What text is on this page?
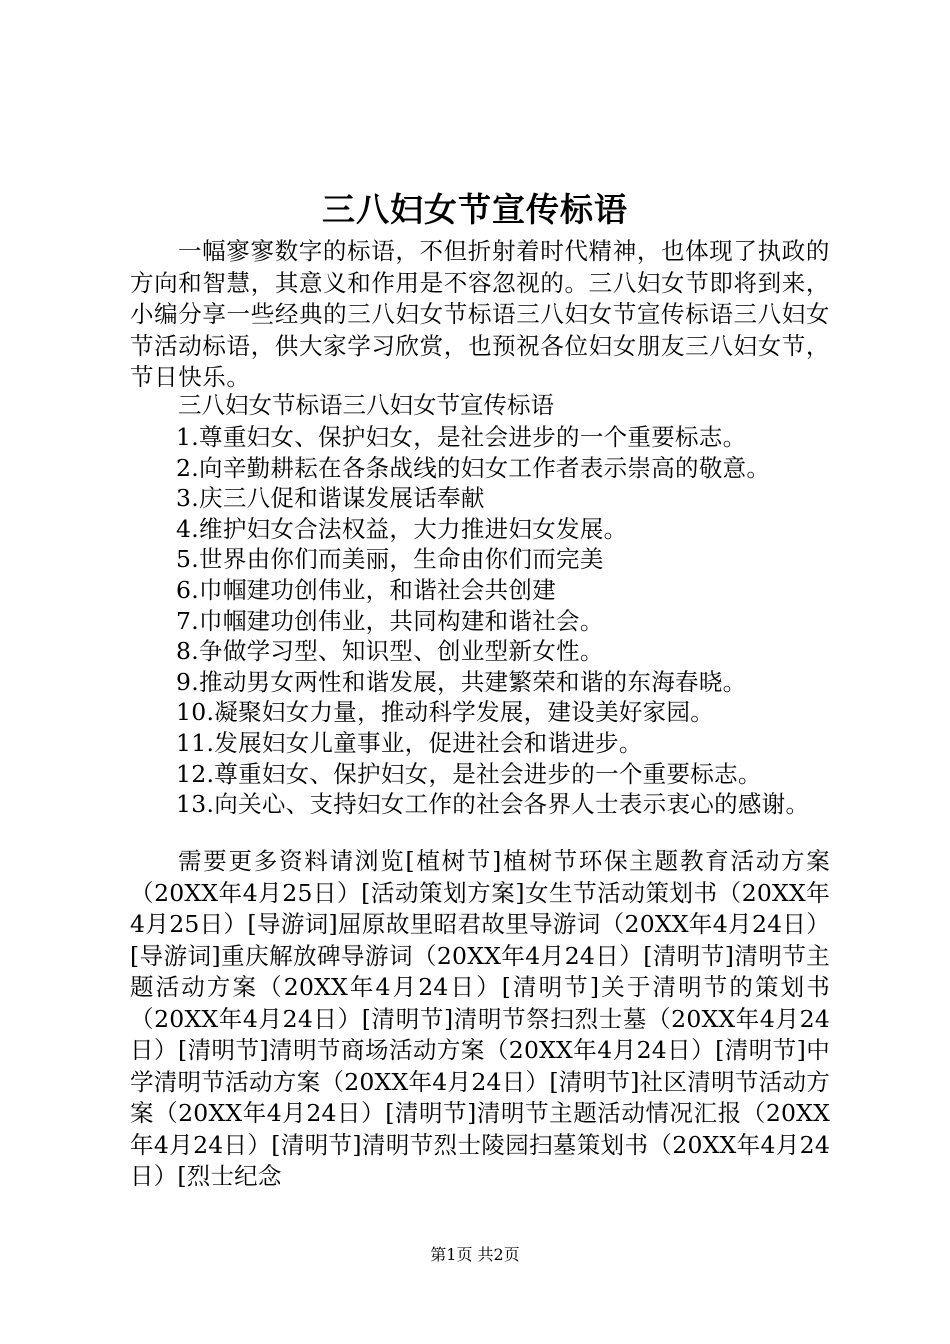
三八妇女节宣传标语

一幅寥寥数字的标语，不但折射着时代精神，也体现了执政的方向和智慧，其意义和作用是不容忽视的。三八妇女节即将到来，小编分享一些经典的三八妇女节标语三八妇女节宣传标语三八妇女节活动标语，供大家学习欣赏，也预祝各位妇女朋友三八妇女节，节日快乐。

三八妇女节标语三八妇女节宣传标语
1.尊重妇女、保护妇女，是社会进步的一个重要标志。
2.向辛勤耕耘在各条战线的妇女工作者表示崇高的敬意。
3.庆三八促和谐谋发展话奉献
4.维护妇女合法权益，大力推进妇女发展。
5.世界由你们而美丽，生命由你们而完美
6.巾帼建功创伟业，和谐社会共创建
7.巾帼建功创伟业，共同构建和谐社会。
8.争做学习型、知识型、创业型新女性。
9.推动男女两性和谐发展，共建繁荣和谐的东海春晓。
10.凝聚妇女力量，推动科学发展，建设美好家园。
11.发展妇女儿童事业，促进社会和谐进步。
12.尊重妇女、保护妇女，是社会进步的一个重要标志。
13.向关心、支持妇女工作的社会各界人士表示衷心的感谢。

需要更多资料请浏览[植树节]植树节环保主题教育活动方案（20XX年4月25日）[活动策划方案]女生节活动策划书（20XX年4月25日）[导游词]屈原故里昭君故里导游词（20XX年4月24日）[导游词]重庆解放碑导游词（20XX年4月24日）[清明节]清明节主题活动方案（20XX年4月24日）[清明节]关于清明节的策划书（20XX年4月24日）[清明节]清明节祭扫烈士墓（20XX年4月24日）[清明节]清明节商场活动方案（20XX年4月24日）[清明节]中学清明节活动方案（20XX年4月24日）[清明节]社区清明节活动方案（20XX年4月24日）[清明节]清明节主题活动情况汇报（20XX年4月24日）[清明节]清明节烈士陵园扫墓策划书（20XX年4月24日）[烈士纪念

第1页 共2页
